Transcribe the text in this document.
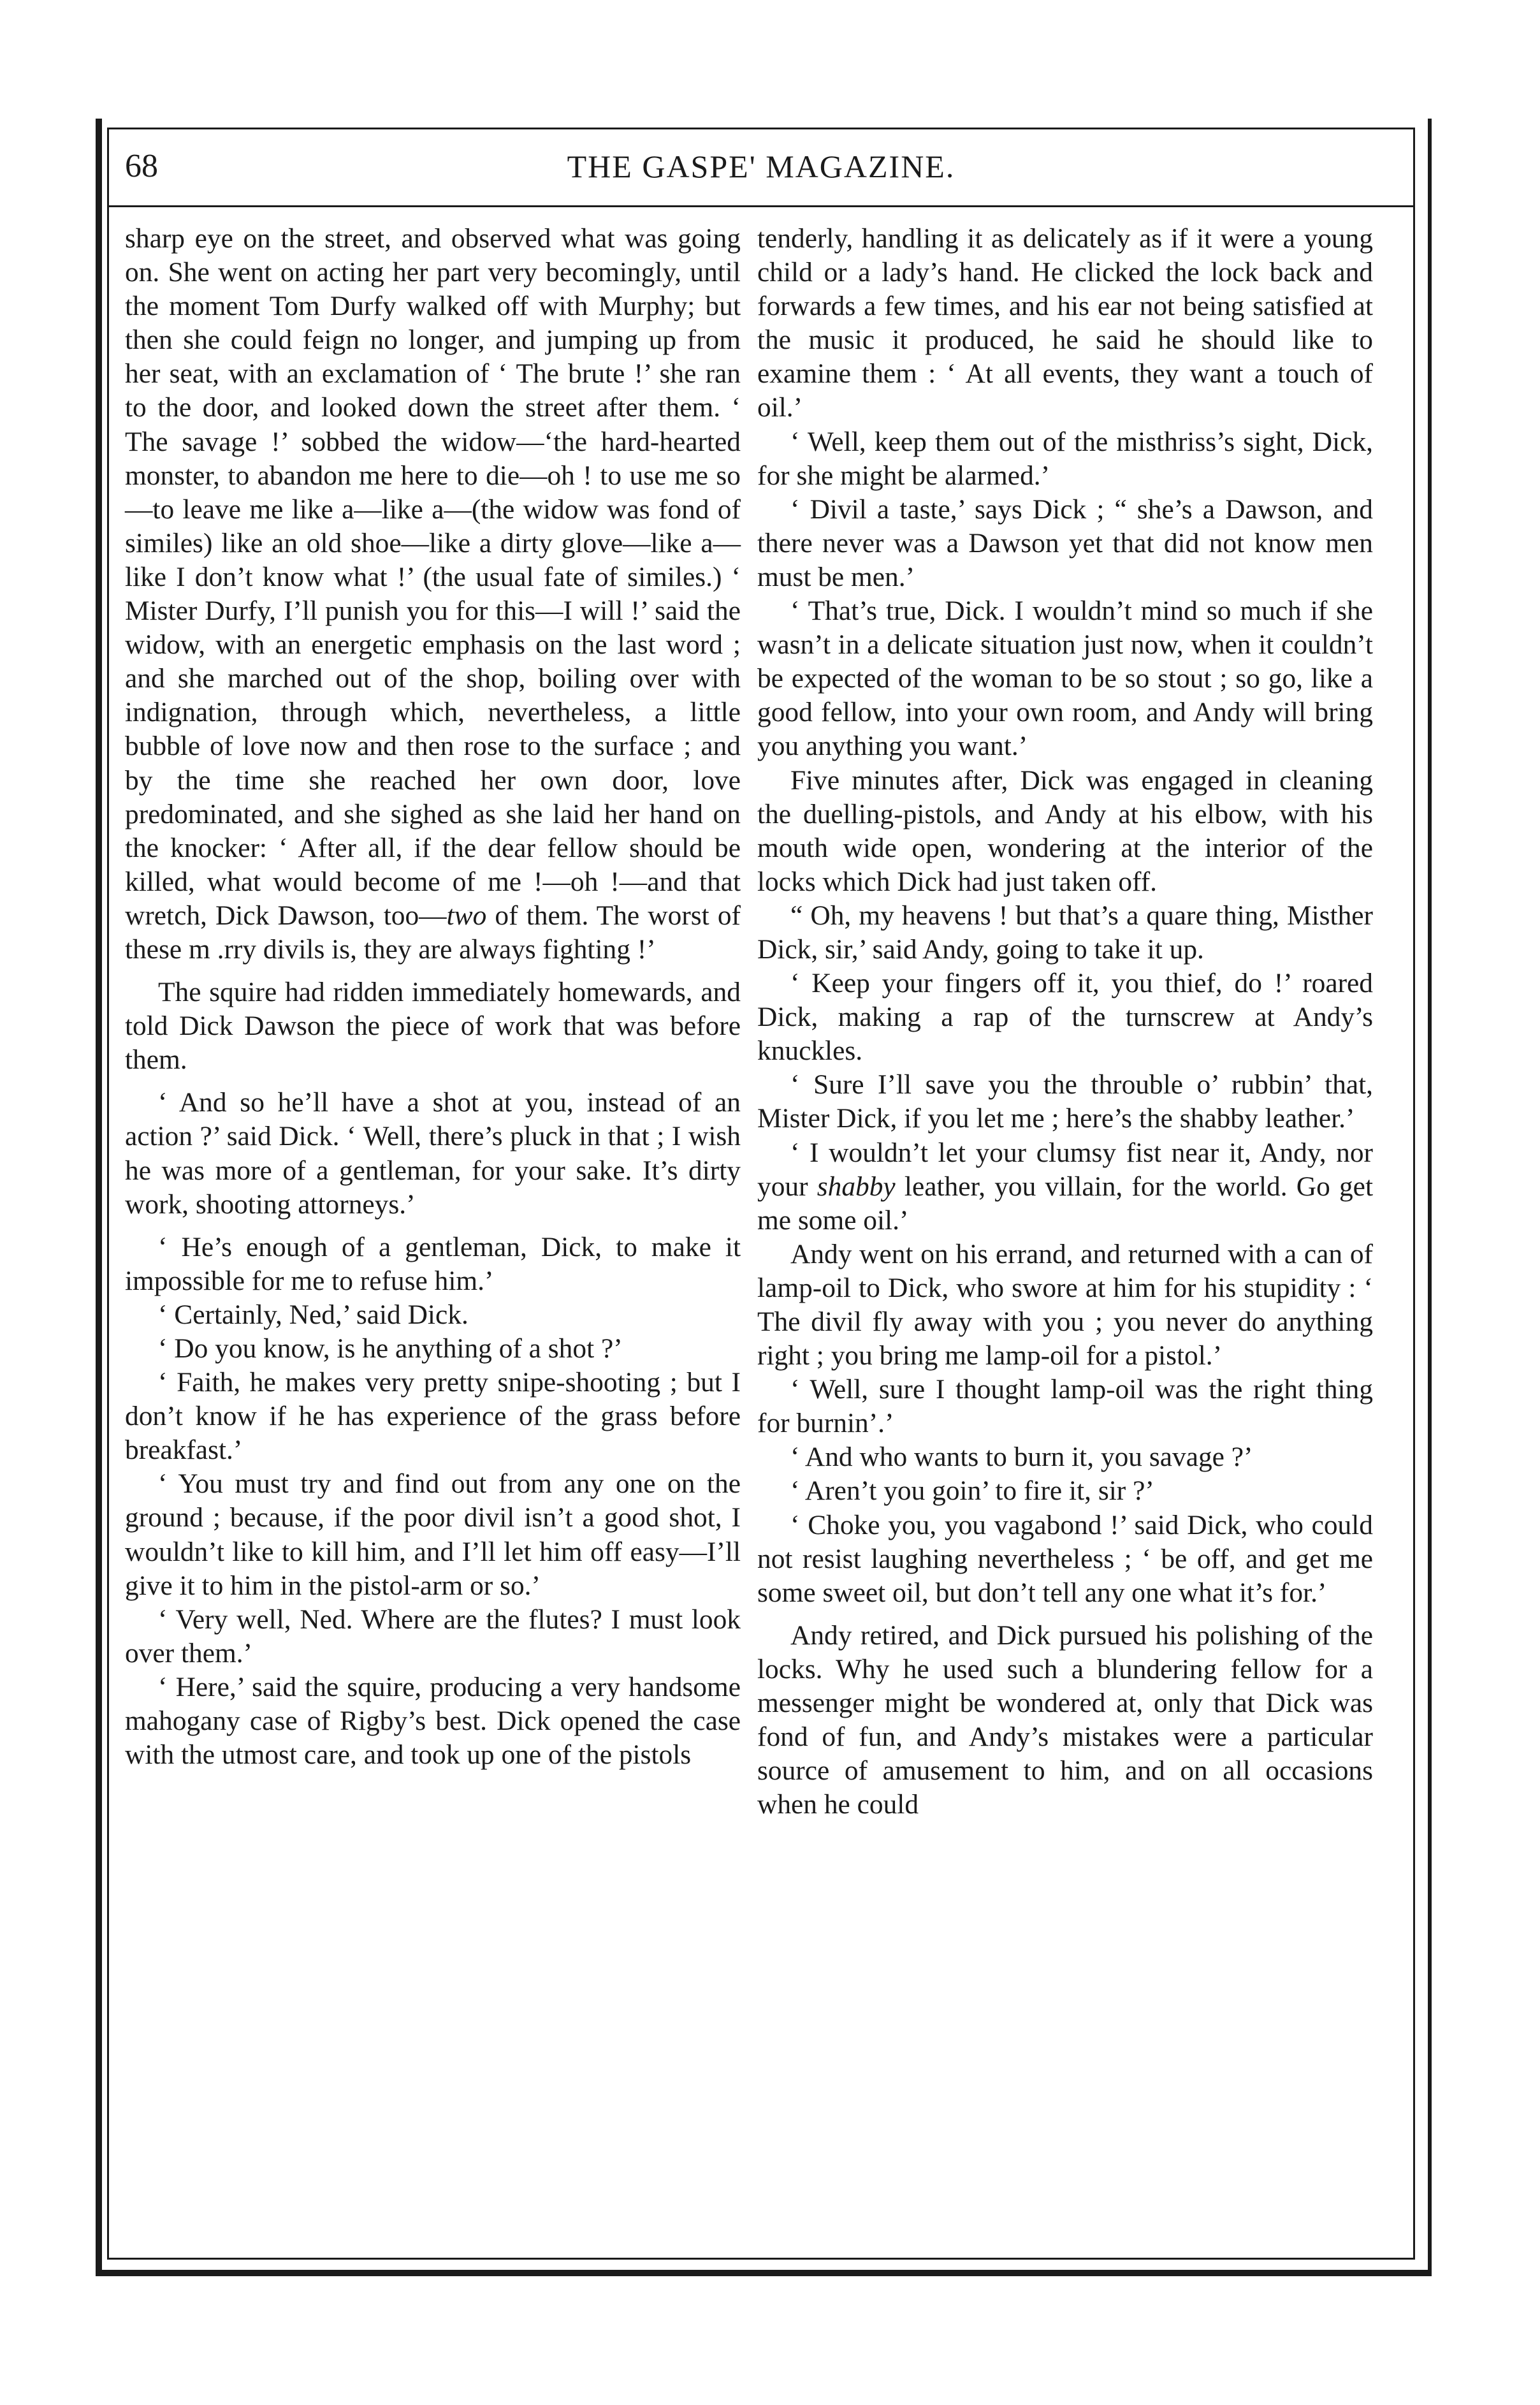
68	THE GASPE' MAGAZINE.

sharp eye on the street, and observed what was going on. She went on acting her part very becomingly, until the moment Tom Durfy walked off with Murphy; but then she could feign no longer, and jumping up from her seat, with an exclamation of ‘ The brute !’ she ran to the door, and looked down the street after them. ‘ The savage !’ sobbed the widow—‘the hard-hearted monster, to abandon me here to die—oh ! to use me so—to leave me like a—like a—(the widow was fond of similes) like an old shoe—like a dirty glove—like a—like I don’t know what !’ (the usual fate of similes.) ‘ Mister Durfy, I’ll punish you for this—I will !’ said the widow, with an energetic emphasis on the last word ; and she marched out of the shop, boiling over with indignation, through which, nevertheless, a little bubble of love now and then rose to the surface ; and by the time she reached her own door, love predominated, and she sighed as she laid her hand on the knocker: ‘ After all, if the dear fellow should be killed, what would become of me !—oh !—and that wretch, Dick Dawson, too—two of them. The worst of these m .rry divils is, they are always fighting !’

The squire had ridden immediately homewards, and told Dick Dawson the piece of work that was before them.

‘ And so he’ll have a shot at you, instead of an action ?’ said Dick. ‘ Well, there’s pluck in that ; I wish he was more of a gentleman, for your sake. It’s dirty work, shooting attorneys.’

‘ He’s enough of a gentleman, Dick, to make it impossible for me to refuse him.’

‘ Certainly, Ned,’ said Dick.

‘ Do you know, is he anything of a shot ?’

‘ Faith, he makes very pretty snipe-shooting ; but I don’t know if he has experience of the grass before breakfast.’

‘ You must try and find out from any one on the ground ; because, if the poor divil isn’t a good shot, I wouldn’t like to kill him, and I’ll let him off easy—I’ll give it to him in the pistol-arm or so.’

‘ Very well, Ned. Where are the flutes? I must look over them.’

‘ Here,’ said the squire, producing a very handsome mahogany case of Rigby’s best. Dick opened the case with the utmost care, and took up one of the pistols

tenderly, handling it as delicately as if it were a young child or a lady’s hand. He clicked the lock back and forwards a few times, and his ear not being satisfied at the music it produced, he said he should like to examine them : ‘ At all events, they want a touch of oil.’

‘ Well, keep them out of the misthriss’s sight, Dick, for she might be alarmed.’

‘ Divil a taste,’ says Dick ; “ she’s a Dawson, and there never was a Dawson yet that did not know men must be men.’

‘ That’s true, Dick. I wouldn’t mind so much if she wasn’t in a delicate situation just now, when it couldn’t be expected of the woman to be so stout ; so go, like a good fellow, into your own room, and Andy will bring you anything you want.’

Five minutes after, Dick was engaged in cleaning the duelling-pistols, and Andy at his elbow, with his mouth wide open, wondering at the interior of the locks which Dick had just taken off.

“ Oh, my heavens ! but that’s a quare thing, Misther Dick, sir,’ said Andy, going to take it up.

‘ Keep your fingers off it, you thief, do !’ roared Dick, making a rap of the turnscrew at Andy’s knuckles.

‘ Sure I’ll save you the throuble o’ rubbin’ that, Mister Dick, if you let me ; here’s the shabby leather.’

‘ I wouldn’t let your clumsy fist near it, Andy, nor your shabby leather, you villain, for the world. Go get me some oil.’

Andy went on his errand, and returned with a can of lamp-oil to Dick, who swore at him for his stupidity : ‘ The divil fly away with you ; you never do anything right ; you bring me lamp-oil for a pistol.’

‘ Well, sure I thought lamp-oil was the right thing for burnin’.’

‘ And who wants to burn it, you savage ?’

‘ Aren’t you goin’ to fire it, sir ?’

‘ Choke you, you vagabond !’ said Dick, who could not resist laughing nevertheless ; ‘ be off, and get me some sweet oil, but don’t tell any one what it’s for.’

Andy retired, and Dick pursued his polishing of the locks. Why he used such a blundering fellow for a messenger might be wondered at, only that Dick was fond of fun, and Andy’s mistakes were a particular source of amusement to him, and on all occasions when he could
